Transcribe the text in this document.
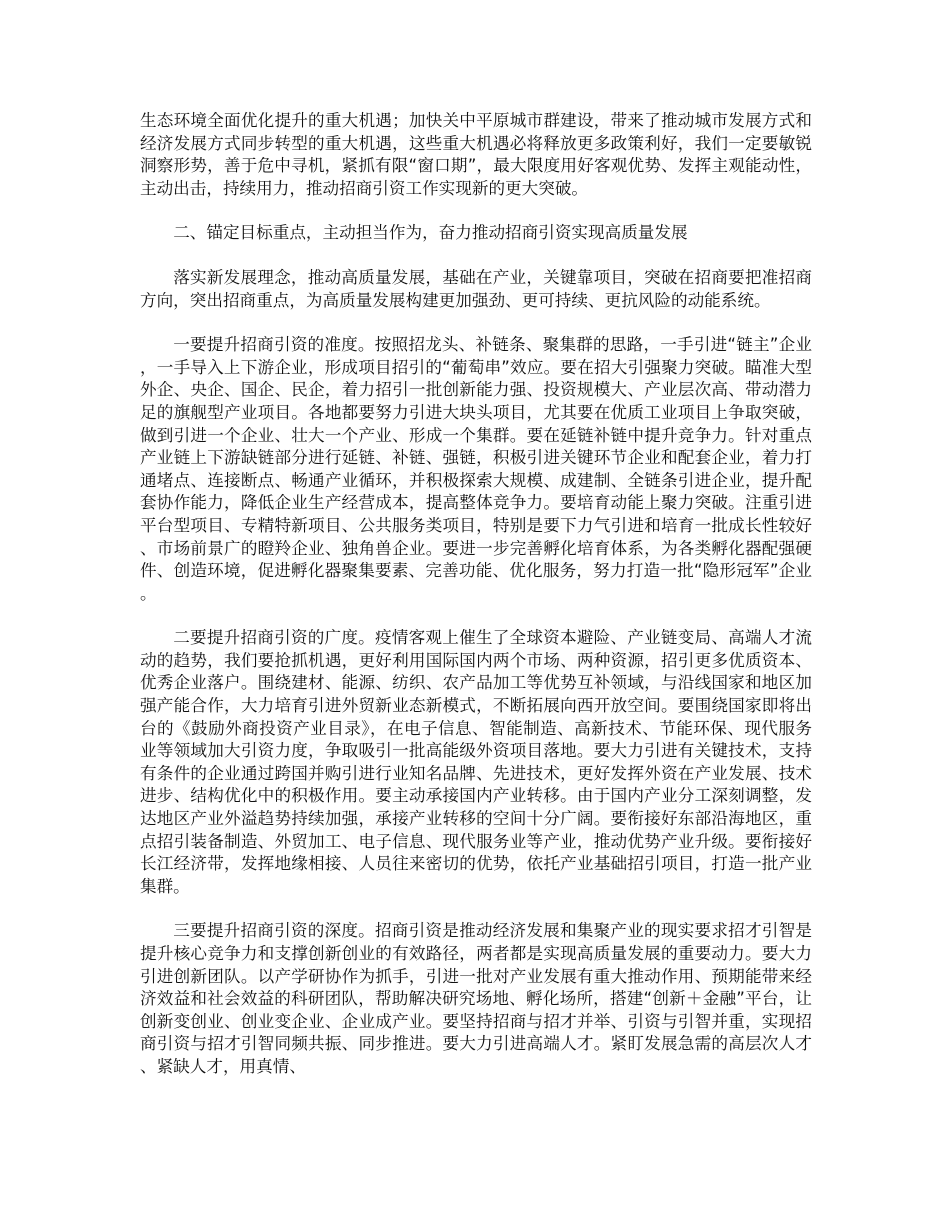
生态环境全面优化提升的重大机遇；加快关中平原城市群建设，带来了推动城市发展方式和经济发展方式同步转型的重大机遇，这些重大机遇必将释放更多政策利好，我们一定要敏锐洞察形势，善于危中寻机，紧抓有限“窗口期”，最大限度用好客观优势、发挥主观能动性，主动出击，持续用力，推动招商引资工作实现新的更大突破。

二、锚定目标重点，主动担当作为，奋力推动招商引资实现高质量发展

落实新发展理念，推动高质量发展，基础在产业，关键靠项目，突破在招商要把准招商方向，突出招商重点，为高质量发展构建更加强劲、更可持续、更抗风险的动能系统。

一要提升招商引资的准度。按照招龙头、补链条、聚集群的思路，一手引进“链主”企业，一手导入上下游企业，形成项目招引的“葡萄串”效应。要在招大引强聚力突破。瞄准大型外企、央企、国企、民企，着力招引一批创新能力强、投资规模大、产业层次高、带动潜力足的旗舰型产业项目。各地都要努力引进大块头项目，尤其要在优质工业项目上争取突破，做到引进一个企业、壮大一个产业、形成一个集群。要在延链补链中提升竞争力。针对重点产业链上下游缺链部分进行延链、补链、强链，积极引进关键环节企业和配套企业，着力打通堵点、连接断点、畅通产业循环，并积极探索大规模、成建制、全链条引进企业，提升配套协作能力，降低企业生产经营成本，提高整体竞争力。要培育动能上聚力突破。注重引进平台型项目、专精特新项目、公共服务类项目，特别是要下力气引进和培育一批成长性较好、市场前景广的瞪羚企业、独角兽企业。要进一步完善孵化培育体系，为各类孵化器配强硬件、创造环境，促进孵化器聚集要素、完善功能、优化服务，努力打造一批“隐形冠军”企业。

二要提升招商引资的广度。疫情客观上催生了全球资本避险、产业链变局、高端人才流动的趋势，我们要抢抓机遇，更好利用国际国内两个市场、两种资源，招引更多优质资本、优秀企业落户。围绕建材、能源、纺织、农产品加工等优势互补领域，与沿线国家和地区加强产能合作，大力培育引进外贸新业态新模式，不断拓展向西开放空间。要围绕国家即将出台的《鼓励外商投资产业目录》，在电子信息、智能制造、高新技术、节能环保、现代服务业等领域加大引资力度，争取吸引一批高能级外资项目落地。要大力引进有关键技术，支持有条件的企业通过跨国并购引进行业知名品牌、先进技术，更好发挥外资在产业发展、技术进步、结构优化中的积极作用。要主动承接国内产业转移。由于国内产业分工深刻调整，发达地区产业外溢趋势持续加强，承接产业转移的空间十分广阔。要衔接好东部沿海地区，重点招引装备制造、外贸加工、电子信息、现代服务业等产业，推动优势产业升级。要衔接好长江经济带，发挥地缘相接、人员往来密切的优势，依托产业基础招引项目，打造一批产业集群。

三要提升招商引资的深度。招商引资是推动经济发展和集聚产业的现实要求招才引智是提升核心竞争力和支撑创新创业的有效路径，两者都是实现高质量发展的重要动力。要大力引进创新团队。以产学研协作为抓手，引进一批对产业发展有重大推动作用、预期能带来经济效益和社会效益的科研团队，帮助解决研究场地、孵化场所，搭建“创新＋金融”平台，让创新变创业、创业变企业、企业成产业。要坚持招商与招才并举、引资与引智并重，实现招商引资与招才引智同频共振、同步推进。要大力引进高端人才。紧盯发展急需的高层次人才、紧缺人才，用真情、
